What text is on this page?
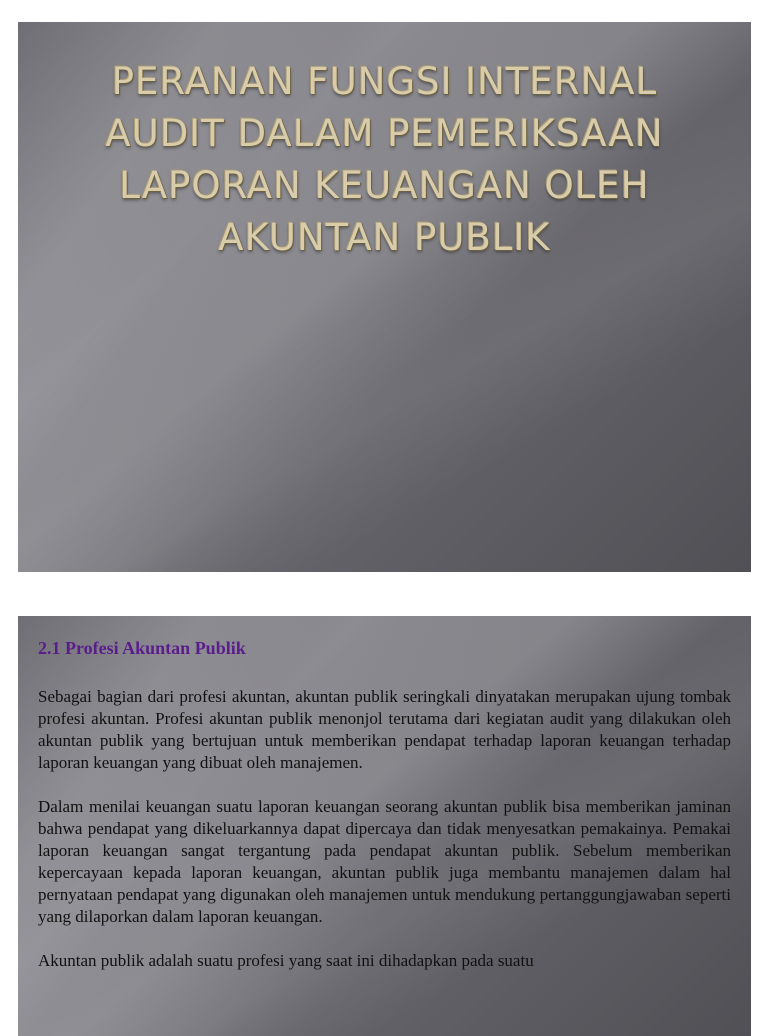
PERANAN FUNGSI INTERNAL
AUDIT DALAM PEMERIKSAAN
LAPORAN KEUANGAN OLEH
AKUNTAN PUBLIK
2.1 Profesi Akuntan Publik

Sebagai bagian dari profesi akuntan, akuntan publik seringkali dinyatakan merupakan ujung tombak profesi akuntan. Profesi akuntan publik menonjol terutama dari kegiatan audit yang dilakukan oleh akuntan publik yang bertujuan untuk memberikan pendapat terhadap laporan keuangan terhadap laporan keuangan yang dibuat oleh manajemen.

Dalam menilai keuangan suatu laporan keuangan seorang akuntan publik bisa memberikan jaminan bahwa pendapat yang dikeluarkannya dapat dipercaya dan tidak menyesatkan pemakainya. Pemakai laporan keuangan sangat tergantung pada pendapat akuntan publik. Sebelum memberikan kepercayaan kepada laporan keuangan, akuntan publik juga membantu manajemen dalam hal pernyataan pendapat yang digunakan oleh manajemen untuk mendukung pertanggungjawaban seperti yang dilaporkan dalam laporan keuangan.

Akuntan publik adalah suatu profesi yang saat ini dihadapkan pada suatu
